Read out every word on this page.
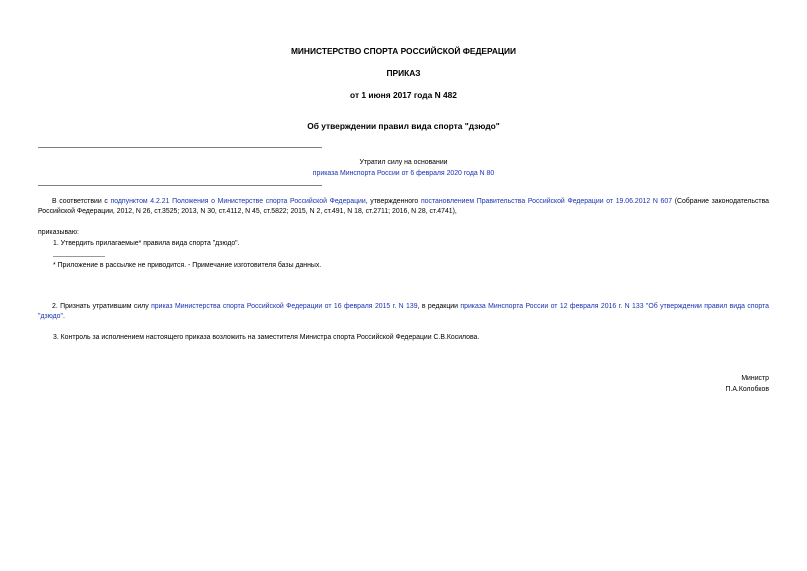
МИНИСТЕРСТВО СПОРТА РОССИЙСКОЙ ФЕДЕРАЦИИ
ПРИКАЗ
от 1 июня 2017 года N 482
Об утверждении правил вида спорта "дзюдо"
Утратил силу на основании
приказа Минспорта России от 6 февраля 2020 года N 80
В соответствии с подпунктом 4.2.21 Положения о Министерстве спорта Российской Федерации, утвержденного постановлением Правительства Российской Федерации от 19.06.2012 N 607 (Собрание законодательства Российской Федерации, 2012, N 26, ст.3525; 2013, N 30, ст.4112, N 45, ст.5822; 2015, N 2, ст.491, N 18, ст.2711; 2016, N 28, ст.4741),
приказываю:
1. Утвердить прилагаемые* правила вида спорта "дзюдо".
* Приложение в рассылке не приводится. - Примечание изготовителя базы данных.
2. Признать утратившим силу приказ Министерства спорта Российской Федерации от 16 февраля 2015 г. N 139, в редакции приказа Минспорта России от 12 февраля 2016 г. N 133 "Об утверждении правил вида спорта "дзюдо".
3. Контроль за исполнением настоящего приказа возложить на заместителя Министра спорта Российской Федерации С.В.Косилова.
Министр
П.А.Колобков
